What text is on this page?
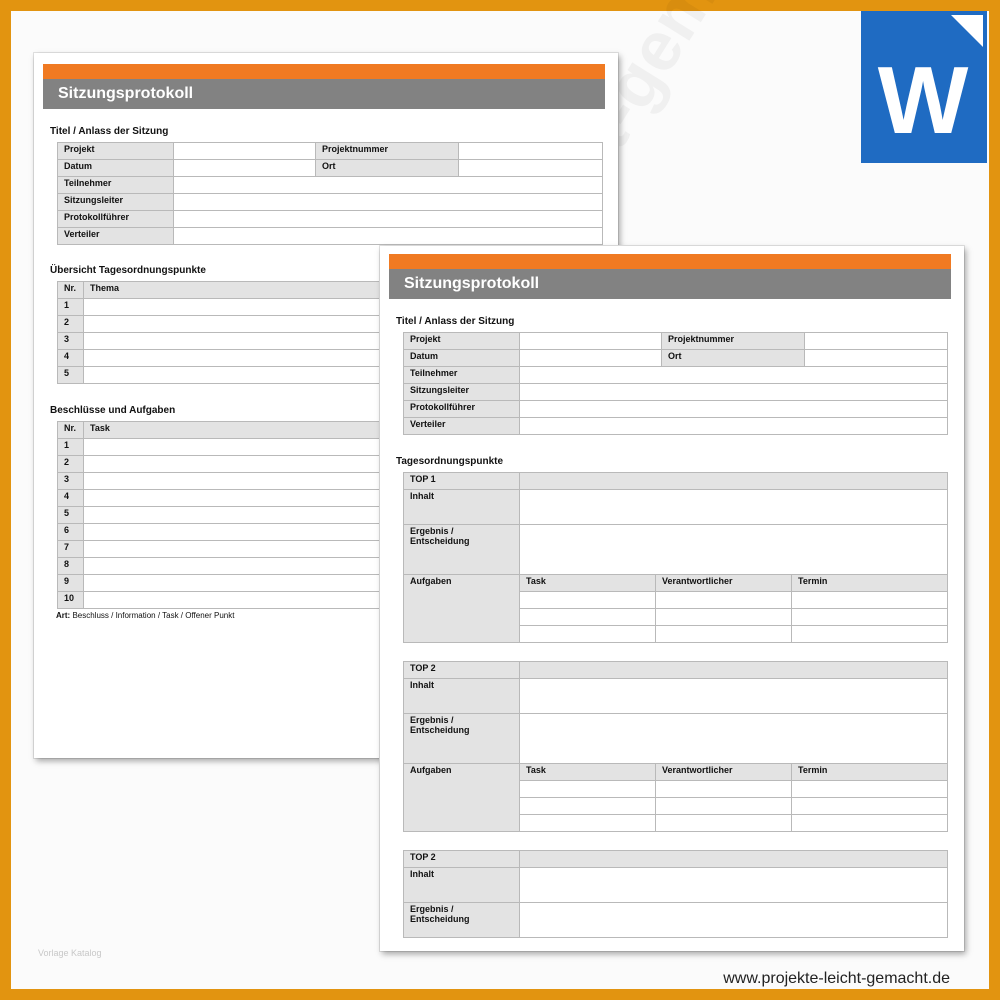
Sitzungsprotokoll
Titel / Anlass der Sitzung
Projekt		Projektnummer	
Datum		Ort	
Teilnehmer			
Sitzungsleiter			
Protokollführer			
Verteiler			
Übersicht Tagesordnungspunkte
Nr.	Thema
1	
2	
3	
4	
5	
Beschlüsse und Aufgaben
Nr.	Task
1	
2	
3	
4	
5	
6	
7	
8	
9	
10	
Art: Beschluss / Information / Task / Offener Punkt
Sitzungsprotokoll
Titel / Anlass der Sitzung
Projekt		Projektnummer	
Datum		Ort	
Teilnehmer			
Sitzungsleiter			
Protokollführer			
Verteiler			
Tagesordnungspunkte
TOP 1			
Inhalt			

Ergebnis /
Entscheidung			

Aufgaben	Task	Verantwortlicher	Termin

TOP 2			
Inhalt			

Ergebnis /
Entscheidung			

Aufgaben	Task	Verantwortlicher	Termin

TOP 2	
Inhalt	

Ergebnis /
Entscheidung	

W
Vorlage Katalog
www.projekte-leicht-gemacht.de
